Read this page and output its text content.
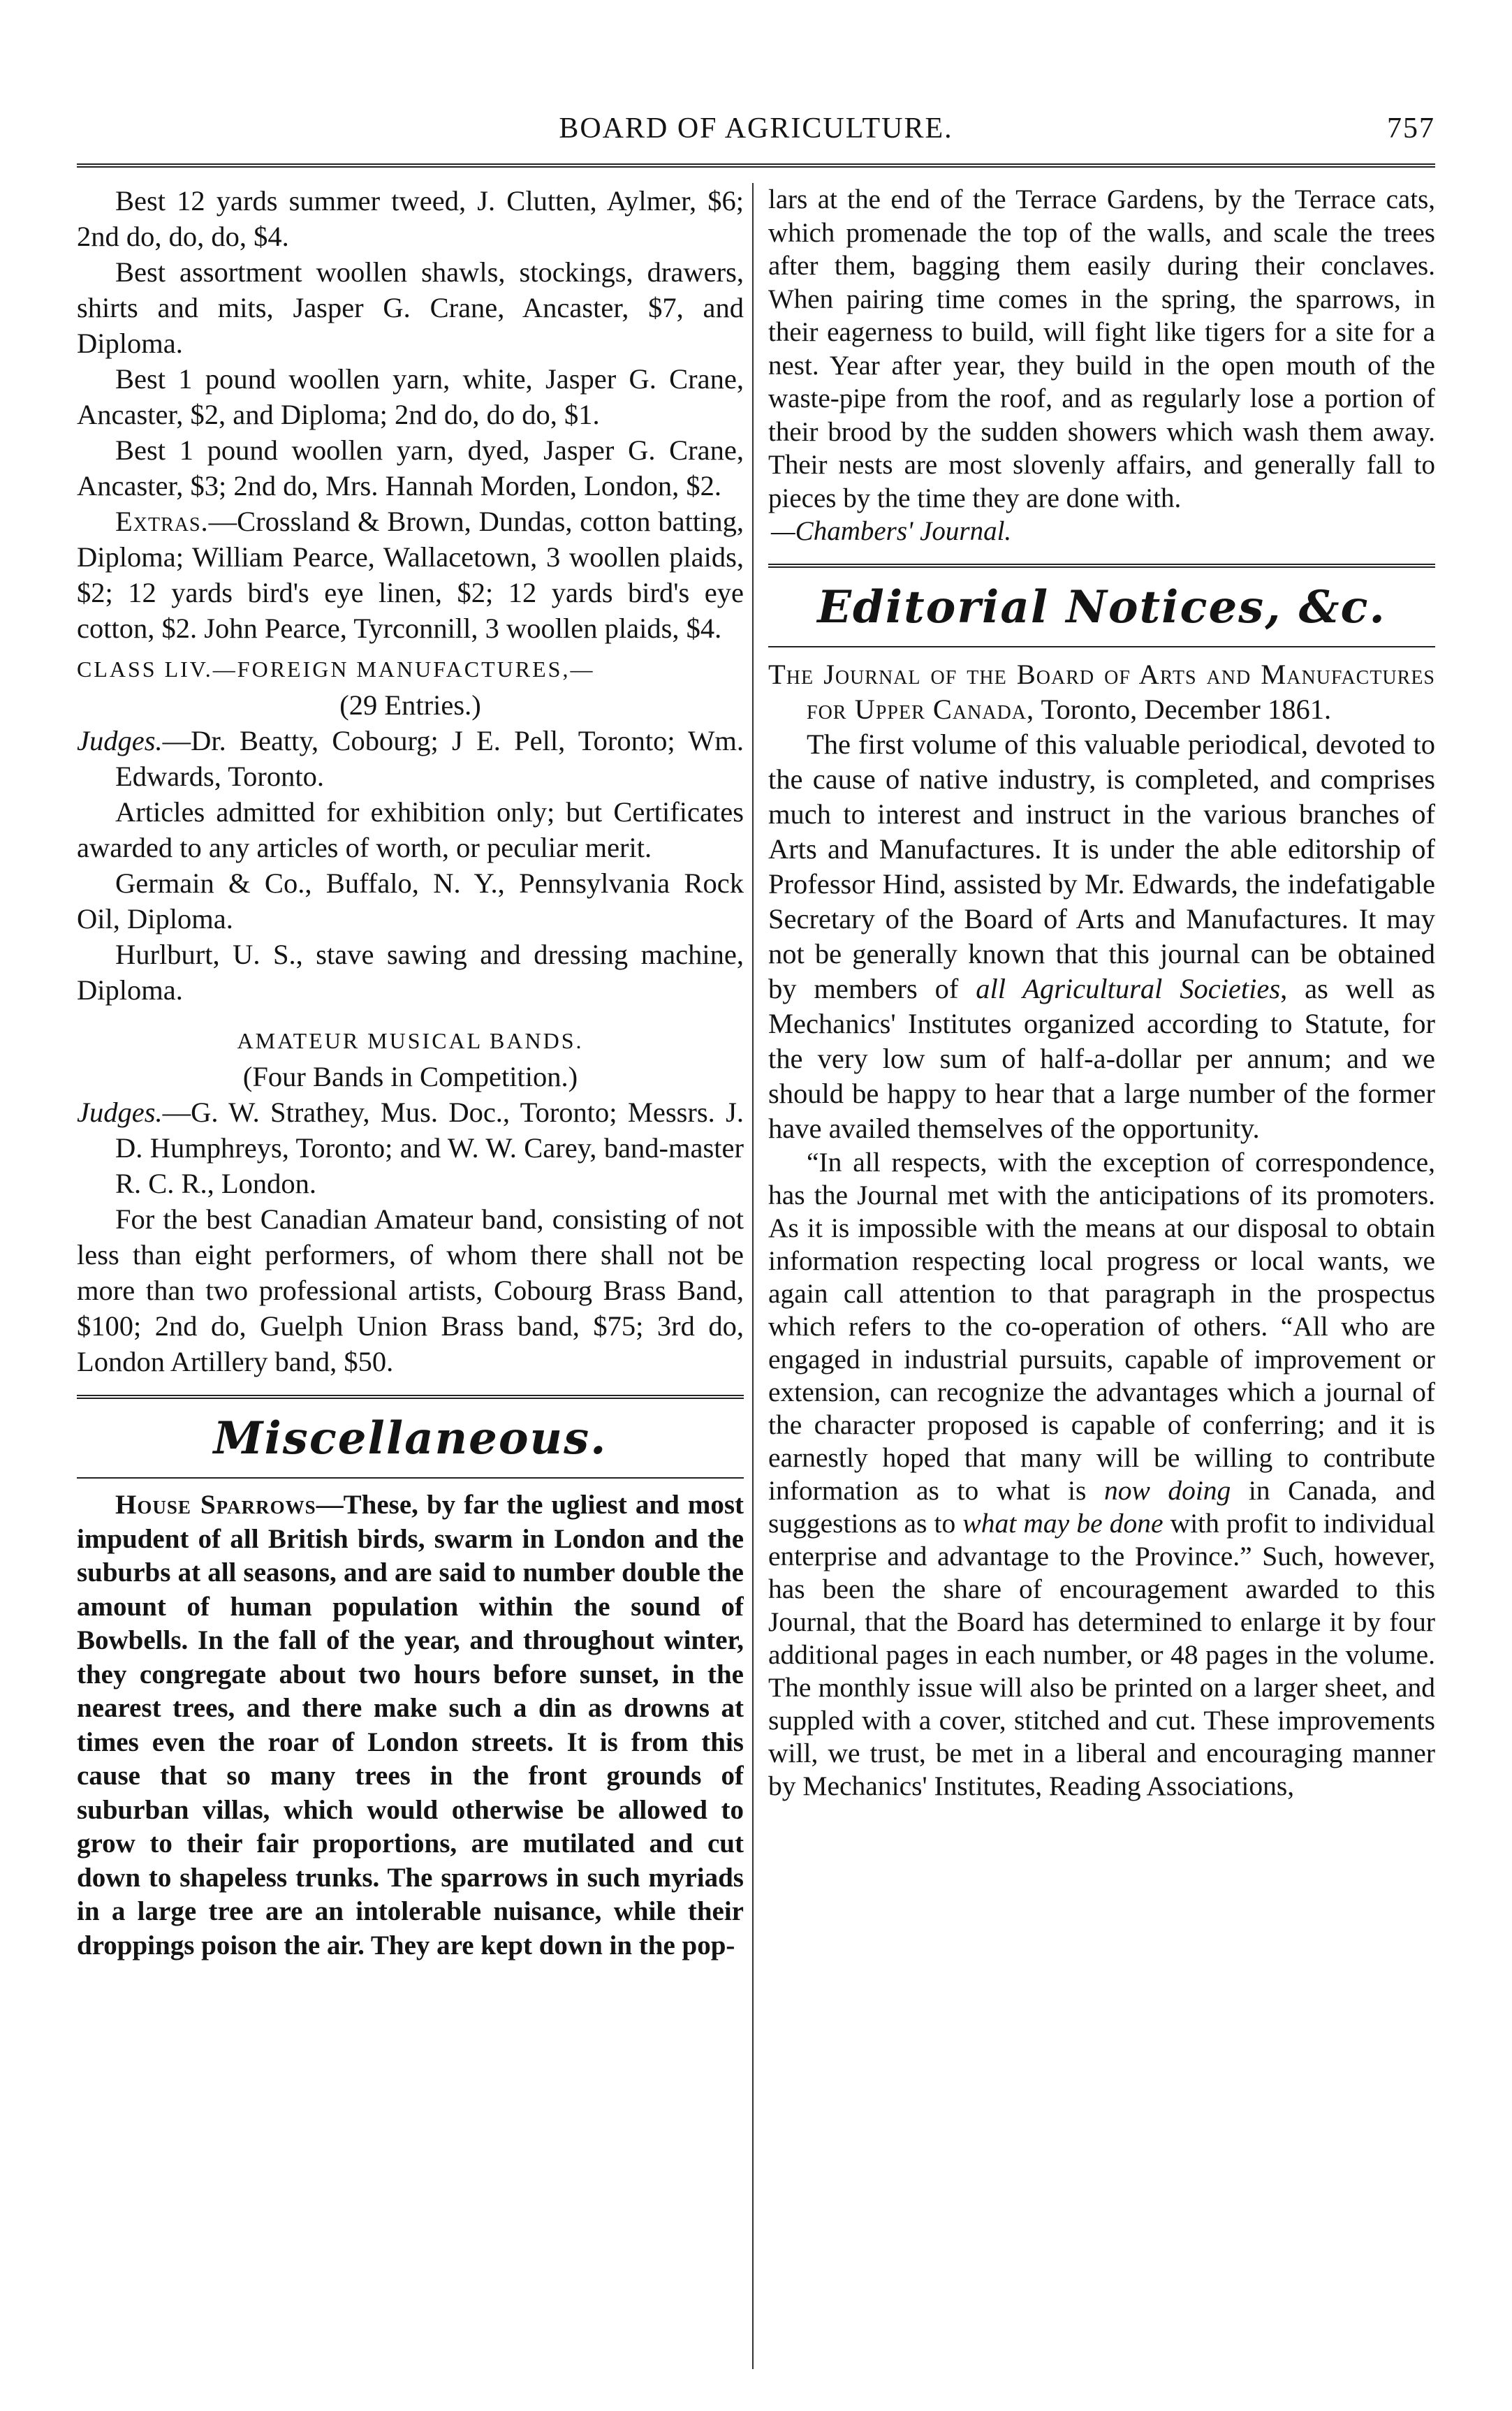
BOARD OF AGRICULTURE.	757

Best 12 yards summer tweed, J. Clutten, Aylmer, $6; 2nd do, do, do, $4.

Best assortment woollen shawls, stockings, drawers, shirts and mits, Jasper G. Crane, Ancaster, $7, and Diploma.

Best 1 pound woollen yarn, white, Jasper G. Crane, Ancaster, $2, and Diploma; 2nd do, do do, $1.

Best 1 pound woollen yarn, dyed, Jasper G. Crane, Ancaster, $3; 2nd do, Mrs. Hannah Morden, London, $2.

Extras.—Crossland & Brown, Dundas, cotton batting, Diploma; William Pearce, Wallacetown, 3 woollen plaids, $2; 12 yards bird's eye linen, $2; 12 yards bird's eye cotton, $2. John Pearce, Tyrconnill, 3 woollen plaids, $4.

CLASS LIV.—FOREIGN MANUFACTURES,—

(29 Entries.)

Judges.—Dr. Beatty, Cobourg; J E. Pell, Toronto; Wm. Edwards, Toronto.

Articles admitted for exhibition only; but Certificates awarded to any articles of worth, or peculiar merit.

Germain & Co., Buffalo, N. Y., Pennsylvania Rock Oil, Diploma.

Hurlburt, U. S., stave sawing and dressing machine, Diploma.

AMATEUR MUSICAL BANDS.

(Four Bands in Competition.)

Judges.—G. W. Strathey, Mus. Doc., Toronto; Messrs. J. D. Humphreys, Toronto; and W. W. Carey, band-master R. C. R., London.

For the best Canadian Amateur band, consisting of not less than eight performers, of whom there shall not be more than two professional artists, Cobourg Brass Band, $100; 2nd do, Guelph Union Brass band, $75; 3rd do, London Artillery band, $50.

Miscellaneous.

House Sparrows—These, by far the ugliest and most impudent of all British birds, swarm in London and the suburbs at all seasons, and are said to number double the amount of human population within the sound of Bowbells. In the fall of the year, and throughout winter, they congregate about two hours before sunset, in the nearest trees, and there make such a din as drowns at times even the roar of London streets. It is from this cause that so many trees in the front grounds of suburban villas, which would otherwise be allowed to grow to their fair proportions, are mutilated and cut down to shapeless trunks. The sparrows in such myriads in a large tree are an intolerable nuisance, while their droppings poison the air. They are kept down in the pop-

lars at the end of the Terrace Gardens, by the Terrace cats, which promenade the top of the walls, and scale the trees after them, bagging them easily during their conclaves. When pairing time comes in the spring, the sparrows, in their eagerness to build, will fight like tigers for a site for a nest. Year after year, they build in the open mouth of the waste-pipe from the roof, and as regularly lose a portion of their brood by the sudden showers which wash them away. Their nests are most slovenly affairs, and generally fall to pieces by the time they are done with.

—Chambers' Journal.

Editorial Notices, &c.

The Journal of the Board of Arts and Manufactures for Upper Canada, Toronto, December 1861.

The first volume of this valuable periodical, devoted to the cause of native industry, is completed, and comprises much to interest and instruct in the various branches of Arts and Manufactures. It is under the able editorship of Professor Hind, assisted by Mr. Edwards, the indefatigable Secretary of the Board of Arts and Manufactures. It may not be generally known that this journal can be obtained by members of all Agricultural Societies, as well as Mechanics' Institutes organized according to Statute, for the very low sum of half-a-dollar per annum; and we should be happy to hear that a large number of the former have availed themselves of the opportunity.

“In all respects, with the exception of correspondence, has the Journal met with the anticipations of its promoters. As it is impossible with the means at our disposal to obtain information respecting local progress or local wants, we again call attention to that paragraph in the prospectus which refers to the co-operation of others. “All who are engaged in industrial pursuits, capable of improvement or extension, can recognize the advantages which a journal of the character proposed is capable of conferring; and it is earnestly hoped that many will be willing to contribute information as to what is now doing in Canada, and suggestions as to what may be done with profit to individual enterprise and advantage to the Province.” Such, however, has been the share of encouragement awarded to this Journal, that the Board has determined to enlarge it by four additional pages in each number, or 48 pages in the volume. The monthly issue will also be printed on a larger sheet, and suppled with a cover, stitched and cut. These improvements will, we trust, be met in a liberal and encouraging manner by Mechanics' Institutes, Reading Associations,
